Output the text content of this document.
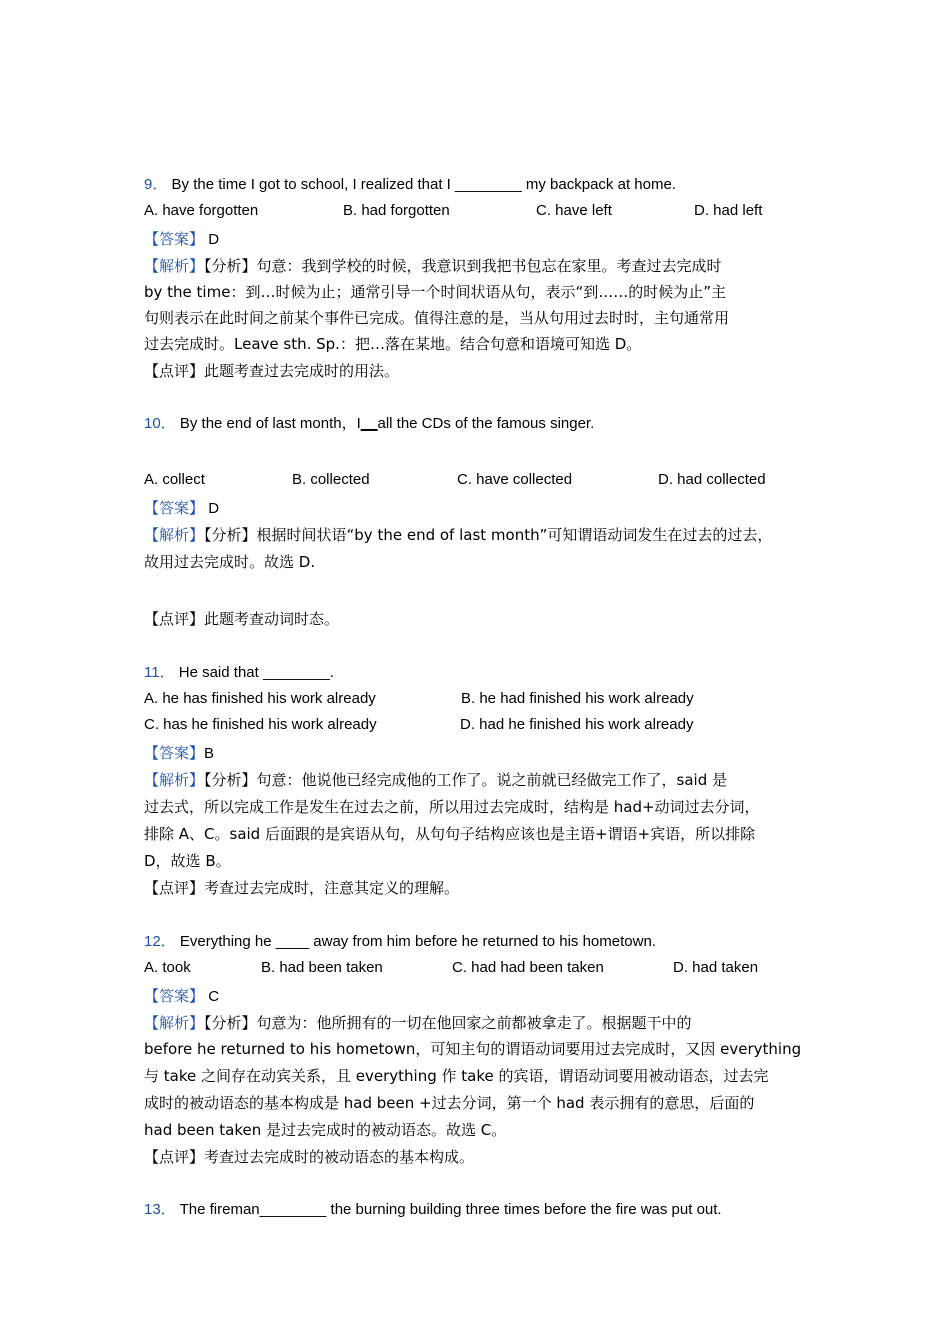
9． By the time I got to school, I realized that I ________ my backpack at home.
A. have forgotten	B. had forgotten	C. have left	D. had left
【答案】 D
【解析】【分析】句意：我到学校的时候，我意识到我把书包忘在家里。考查过去完成时
by the time：到…时候为止；通常引导一个时间状语从句，表示“到……的时候为止”主
句则表示在此时间之前某个事件已完成。值得注意的是，当从句用过去时时，主句通常用
过去完成时。Leave sth. Sp.：把…落在某地。结合句意和语境可知选 D。
【点评】此题考查过去完成时的用法。
10． By the end of last month，I__all the CDs of the famous singer.
A. collect	B. collected	C. have collected	D. had collected
【答案】 D
【解析】【分析】根据时间状语“by the end of last month”可知谓语动词发生在过去的过去，
故用过去完成时。故选 D.
【点评】此题考查动词时态。
11． He said that ________.
A. he has finished his work already	B. he had finished his work already
C. has he finished his work already	D. had he finished his work already
【答案】B
【解析】【分析】句意：他说他已经完成他的工作了。说之前就已经做完工作了，said 是
过去式，所以完成工作是发生在过去之前，所以用过去完成时，结构是 had+动词过去分词，
排除 A、C。said 后面跟的是宾语从句，从句句子结构应该也是主语+谓语+宾语，所以排除
D，故选 B。
【点评】考查过去完成时，注意其定义的理解。
12． Everything he ____ away from him before he returned to his hometown.
A. took	B. had been taken	C. had had been taken	D. had taken
【答案】 C
【解析】【分析】句意为：他所拥有的一切在他回家之前都被拿走了。根据题干中的
before he returned to his hometown，可知主句的谓语动词要用过去完成时，又因 everything
与 take 之间存在动宾关系，且 everything 作 take 的宾语，谓语动词要用被动语态，过去完
成时的被动语态的基本构成是 had been +过去分词，第一个 had 表示拥有的意思，后面的
had been taken 是过去完成时的被动语态。故选 C。
【点评】考查过去完成时的被动语态的基本构成。
13． The fireman________ the burning building three times before the fire was put out.
